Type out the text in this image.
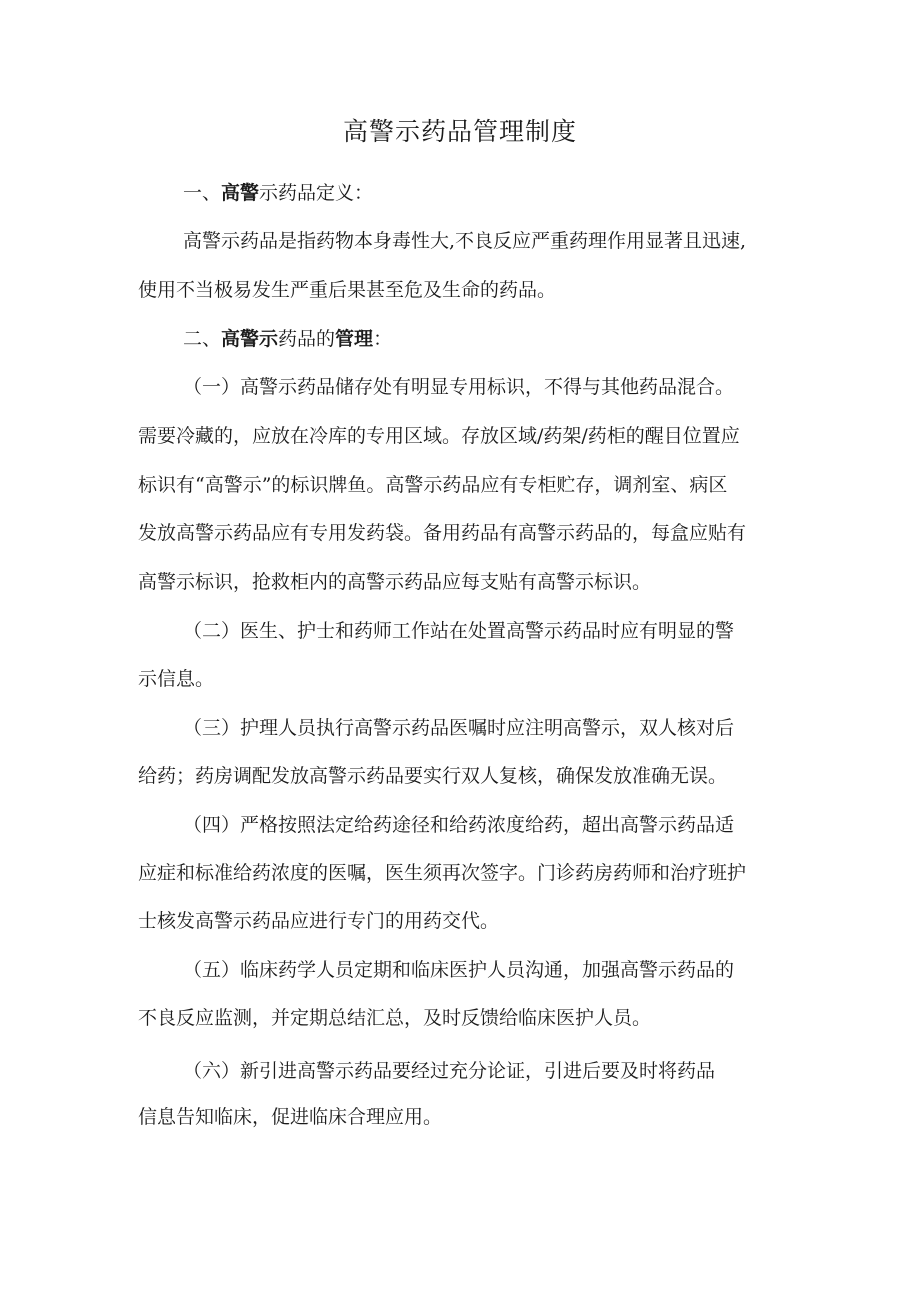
高警示药品管理制度

一、高警示药品定义：

高警示药品是指药物本身毒性大,不良反应严重药理作用显著且迅速,

使用不当极易发生严重后果甚至危及生命的药品。

二、高警示药品的管理：

（一）高警示药品储存处有明显专用标识，不得与其他药品混合。

需要冷藏的，应放在冷库的专用区域。存放区域/药架/药柜的醒目位置应

标识有“高警示”的标识牌鱼。高警示药品应有专柜贮存，调剂室、病区

发放高警示药品应有专用发药袋。备用药品有高警示药品的，每盒应贴有

高警示标识，抢救柜内的高警示药品应每支贴有高警示标识。

（二）医生、护士和药师工作站在处置高警示药品时应有明显的警

示信息。

（三）护理人员执行高警示药品医嘱时应注明高警示，双人核对后

给药；药房调配发放高警示药品要实行双人复核，确保发放准确无误。

（四）严格按照法定给药途径和给药浓度给药，超出高警示药品适

应症和标准给药浓度的医嘱，医生须再次签字。门诊药房药师和治疗班护

士核发高警示药品应进行专门的用药交代。

（五）临床药学人员定期和临床医护人员沟通，加强高警示药品的

不良反应监测，并定期总结汇总，及时反馈给临床医护人员。

（六）新引进高警示药品要经过充分论证，引进后要及时将药品

信息告知临床，促进临床合理应用。
